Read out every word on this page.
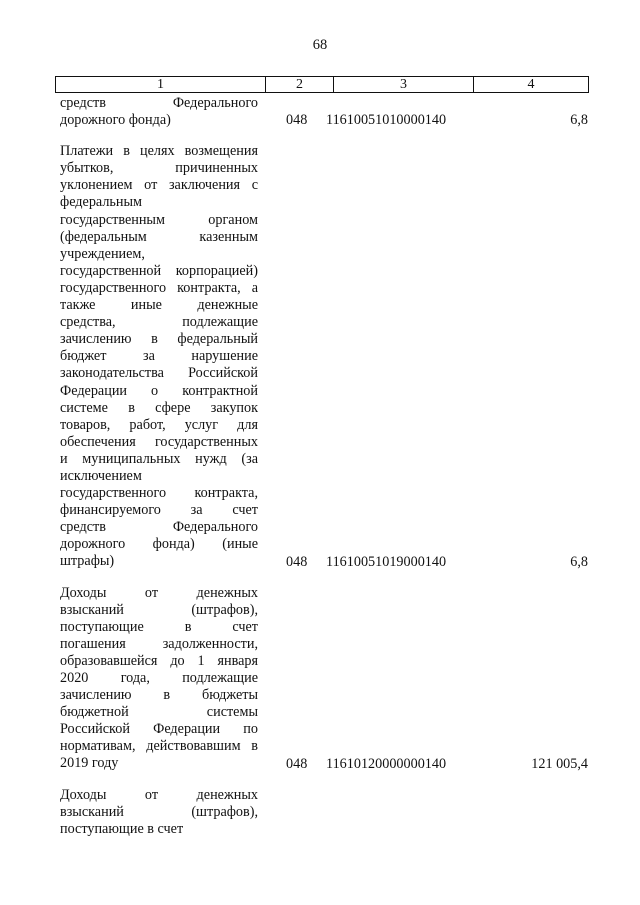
68
1	2	3	4
средств Федерального
дорожного фонда)	048 11610051010000140	6,8
Платежи в целях возмещения
убытков, причиненных
уклонением от заключения с
федеральным
государственным органом
(федеральным казенным
учреждением,
государственной корпорацией)
государственного контракта, а
также иные денежные
средства, подлежащие
зачислению в федеральный
бюджет за нарушение
законодательства Российской
Федерации о контрактной
системе в сфере закупок
товаров, работ, услуг для
обеспечения государственных
и муниципальных нужд (за
исключением
государственного контракта,
финансируемого за счет
средств Федерального
дорожного фонда) (иные
штрафы)	048 11610051019000140	6,8
Доходы от денежных
взысканий (штрафов),
поступающие в счет
погашения задолженности,
образовавшейся до 1 января
2020 года, подлежащие
зачислению в бюджеты
бюджетной системы
Российской Федерации по
нормативам, действовавшим в
2019 году	048 11610120000000140	121 005,4
Доходы от денежных
взысканий (штрафов),
поступающие в счет
